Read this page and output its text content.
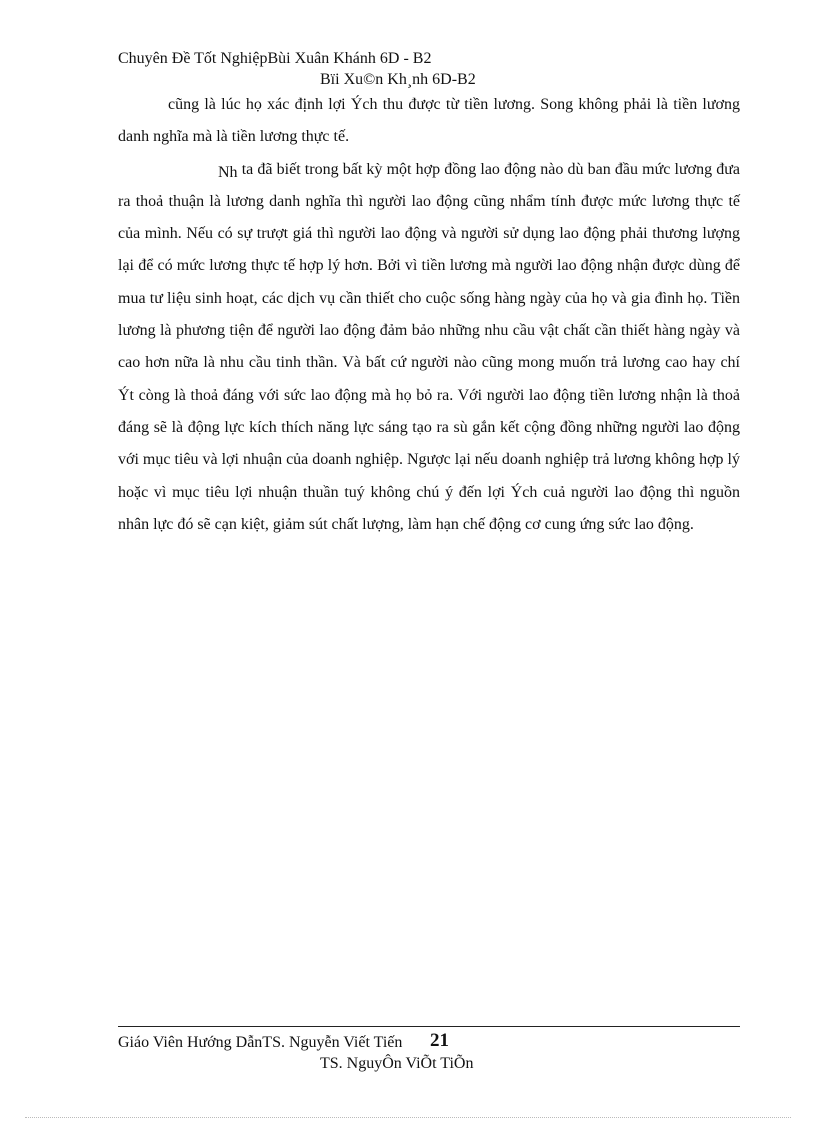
Chuyên Đề Tốt NghiệpBùi Xuân Khánh 6D - B2
Bïi Xu©n Kh¸nh 6D-B2

cũng là lúc họ xác định lợi Ých thu được từ tiền lương. Song không phải là tiền lương danh nghĩa mà là tiền lương thực tế.

Nh ta đã biết trong bất kỳ một hợp đồng lao động nào dù ban đầu mức lương đưa ra thoả thuận là lương danh nghĩa thì người lao động cũng nhẩm tính được mức lương thực tế của mình. Nếu có sự trượt giá thì người lao động và người sử dụng lao động phải thương lượng lại để có mức lương thực tế hợp lý hơn. Bởi vì tiền lương mà người lao động nhận được dùng để mua tư liệu sinh hoạt, các dịch vụ cần thiết cho cuộc sống hàng ngày của họ và gia đình họ. Tiền lương là phương tiện để người lao động đảm bảo những nhu cầu vật chất cần thiết hàng ngày và cao hơn nữa là nhu cầu tinh thần. Và bất cứ người nào cũng mong muốn trả lương cao hay chí Ýt còng là thoả đáng với sức lao động mà họ bỏ ra. Với người lao động tiền lương nhận là thoả đáng sẽ là động lực kích thích năng lực sáng tạo ra sù gắn kết cộng đồng những người lao động với mục tiêu và lợi nhuận của doanh nghiệp. Ngược lại nếu doanh nghiệp trả lương không hợp lý hoặc vì mục tiêu lợi nhuận thuần tuý không chú ý đến lợi Ých cuả người lao động thì nguồn nhân lực đó sẽ cạn kiệt, giảm sút chất lượng, làm hạn chế động cơ cung ứng sức lao động.

Giáo Viên Hướng DẫnTS. Nguyễn Viết Tiến 21
TS. NguyÔn ViÕt TiÕn
